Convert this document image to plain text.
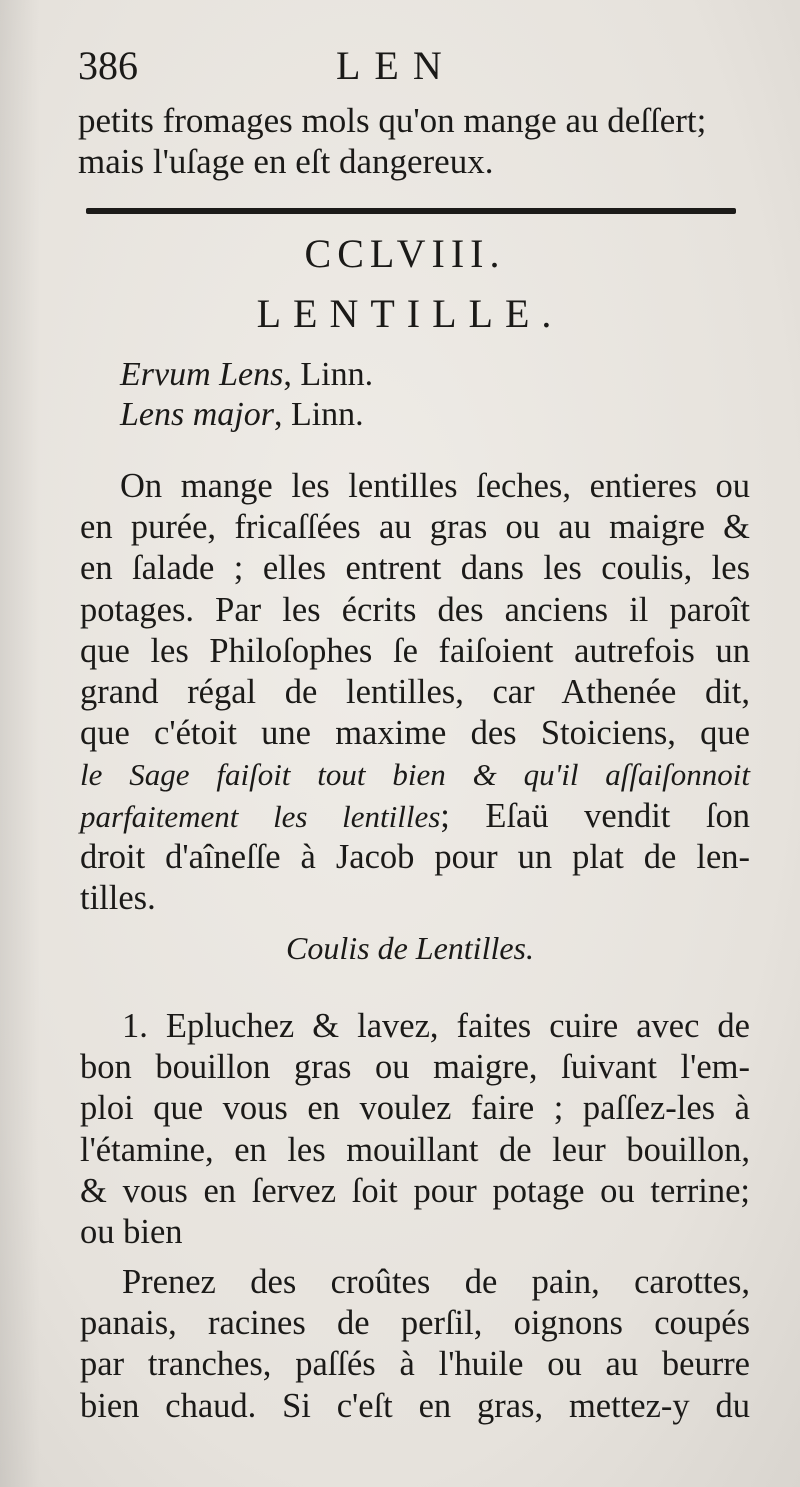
386	LEN
petits fromages mols qu'on mange au deſſert;
mais l'uſage en eſt dangereux.
CCLVIII.
LENTILLE.
Ervum Lens, Linn.
Lens major, Linn.
On mange les lentilles ſeches, entieres ou
en purée, fricaſſées au gras ou au maigre &
en ſalade ; elles entrent dans les coulis, les
potages. Par les écrits des anciens il paroît
que les Philoſophes ſe faiſoient autrefois un
grand régal de lentilles, car Athenée dit,
que c'étoit une maxime des Stoiciens, que
le Sage faiſoit tout bien & qu'il aſſaiſonnoit
parfaitement les lentilles; Eſaü vendit ſon
droit d'aîneſſe à Jacob pour un plat de len-
tilles.
Coulis de Lentilles.
1. Epluchez & lavez, faites cuire avec de
bon bouillon gras ou maigre, ſuivant l'em-
ploi que vous en voulez faire ; paſſez-les à
l'étamine, en les mouillant de leur bouillon,
& vous en ſervez ſoit pour potage ou terrine;
ou bien
Prenez des croûtes de pain, carottes,
panais, racines de perſil, oignons coupés
par tranches, paſſés à l'huile ou au beurre
bien chaud. Si c'eſt en gras, mettez-y du
